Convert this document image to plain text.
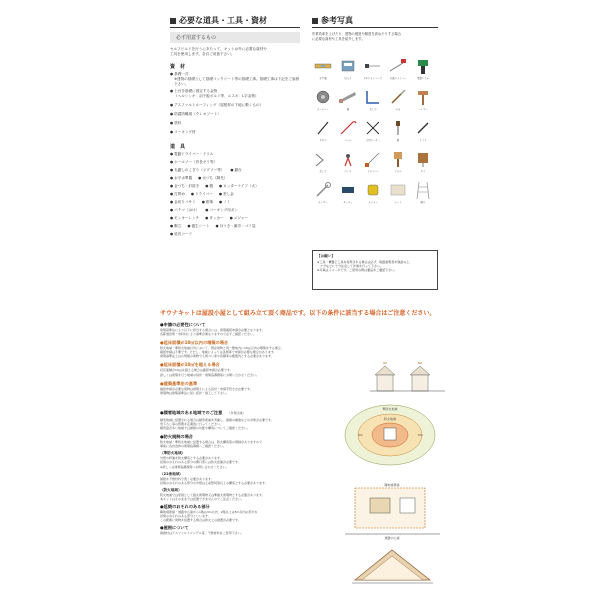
必要な道具・工具・資材
必ず用意するもの
セルフビルドを行うにあたって、キットは外に必要な資材や
工具を使用します。各自ご用意下さい。
資　材
● 基礎一式
※建物の基礎として基礎コンクリート等の基礎工事。基礎工事は下記をご参照下さい。
● 土台を基礎に固定する金物
（ヘルシンキ：羽子板ボルト等、エスポ：L字金物）
● アスファルトルーフィング（屋根材の下地に敷くもの）
● 防腐防蟻剤（クレオソート）
● 塗料
● コーキング材
道　具
● 電動ドライバー・ドリル
● ホールソー（首長ギリ等）
● 丸鋸しのこぎり（ジグソー等）	● 鋸台
● 水平水準器	● 水づち（脚先）
● 金づち・釘抜き	● 鉋	● カッターナイフ（大）
● 打棒め	● ドライバー	● 差し金
● 金切りバサミ	● 鉛筆	● ノミ
● パテマ（はけ）	● コーキング用ガン
● モンキーレンチ	● タッカー	● メジャー
● 脚立	● 養生シート	● ほうき・雑巾・ゴミ袋
● 延長コード
参考写真
作業効率を上げたり、建物の強度や精度を高めたりする場合
に必要な資材や工具を紹介します。
水平器	釘入り	L字ドライバー等	丸鋸ドライバー	電動ドリル
ホールソー	鋸	差し金	のみ	ハンマー
タガネ	バール	金切りバサミ	錐	ナイフ
差し金	ペンチ	ドライバー	ブラシ	キリ
モンキー	タッカー	メジャー	シート	脚立
【お願い】
※工具・機器と工具を使用される場合は必ず、取扱説明書を熟読の上、
　ケガなどに十分注意して作業を行って下さい。
※写真はイメージです。ご使用の際は製品をご確認下さい。
サウナキットは屋設小屋として組み立て頂く商品です。以下の条件に該当する場合はご注意ください。
●申請の必要性について
建築基準法により以下に該当する場合には、建築確認申請が必要となります。
各都道府県・市町村により基準が異なりますので必ずご確認ください。
●延床面積が10㎡以内の増築の場合
防火地域・準防火地域以外において、既存建物と同一敷地内に10㎡以内の増築をする場合、
確認申請は不要です。ただし、地域によっては条例等で申請が必要な場合があります。
建築基準法上は小規模の建物でも建ぺい率や容積率の範囲内とする必要があります。
●延床面積が10㎡を超える場合
延床面積が10㎡を超える場合は確認申請が必要です。
詳しくは建築を行う地域の役所・建築指導課等にお問い合わせください。
●建築基準法の基準
確認申請が必要な建物は建築士による設計・申請手続きが必要です。
建築物は建築基準法に従い設計・施工して下さい。
●積雪地域のある地域でのご注意 （多雪区域）
積雪地域に設置される場合は積雪荷重を考慮し、屋根の補強などの対策が必要です。
雪下ろし等の管理を定期的に行ってください。
積雪量が多い地域では屋根の勾配や構造についてご確認ください。
●防火規制の場合
防火地域・準防火地域に設置する場合は、防火構造等の規制がありますので
事前に各自治体の建築指導課へご確認ください。
〈準防火地域〉
外壁や軒裏を防火構造とする必要があります。
延焼のおそれのある部分の開口部には防火設備が必要です。
※詳しくは建築指導課等へお問い合わせください。
〈22条地域〉
屋根を不燃材料で葺く必要があります。
延焼のおそれのある部分の外壁は土塗壁同等以上の構造とする必要があります。
〈防火地域〉
防火地域では原則として耐火建築物又は準耐火建築物とする必要があります。
本キットはそのままでは設置できませんのでご注意ください。
●延焼のおそれのある部分
隣地境界線・道路中心線から1階は3m以内、2階以上は5m以内の部分を
延焼のおそれのある部分といいます。
この範囲に建物を設置する場合は防火上の措置が必要です。
●屋根について
屋根材はアスファルトシングル等、不燃材料をご使用下さい。
OK	NG
防火地域
準防火地域
3m	5m
道路中心線
隣地境界線
